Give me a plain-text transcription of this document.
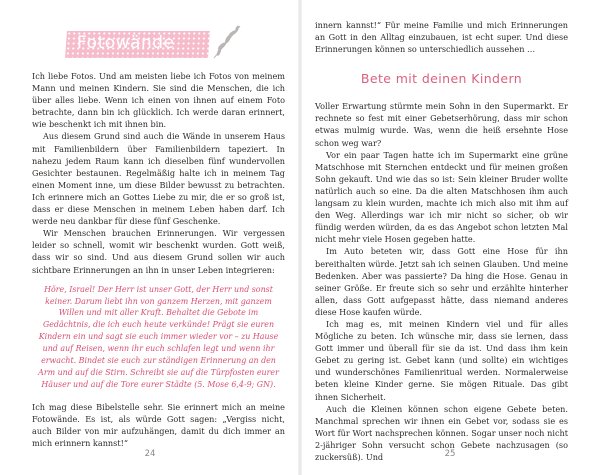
Fotowände

Ich liebe Fotos. Und am meisten liebe ich Fotos von meinem Mann und meinen Kindern. Sie sind die Menschen, die ich über alles liebe. Wenn ich einen von ihnen auf einem Foto betrachte, dann bin ich glücklich. Ich werde daran erinnert, wie beschenkt ich mit ihnen bin.

Aus diesem Grund sind auch die Wände in unserem Haus mit Familienbildern über Familienbildern tapeziert. In nahezu jedem Raum kann ich dieselben fünf wundervollen Gesichter bestaunen. Regelmäßig halte ich in meinem Tag einen Moment inne, um diese Bilder bewusst zu betrachten. Ich erinnere mich an Gottes Liebe zu mir, die er so groß ist, dass er diese Menschen in meinem Leben haben darf. Ich werde neu dankbar für diese fünf Geschenke.

Wir Menschen brauchen Erinnerungen. Wir vergessen leider so schnell, womit wir beschenkt wurden. Gott weiß, dass wir so sind. Und aus diesem Grund sollen wir auch sichtbare Erinnerungen an ihn in unser Leben integrieren:

Höre, Israel! Der Herr ist unser Gott, der Herr und sonst keiner. Darum liebt ihn von ganzem Herzen, mit ganzem Willen und mit aller Kraft. Behaltet die Gebote im Gedächtnis, die ich euch heute verkünde! Prägt sie euren Kindern ein und sagt sie euch immer wieder vor – zu Hause und auf Reisen, wenn ihr euch schlafen legt und wenn ihr erwacht. Bindet sie euch zur ständigen Erinnerung an den Arm und auf die Stirn. Schreibt sie auf die Türpfosten eurer Häuser und auf die Tore eurer Städte (5. Mose 6,4-9; GN).

Ich mag diese Bibelstelle sehr. Sie erinnert mich an meine Fotowände. Es ist, als würde Gott sagen: „Vergiss nicht, auch Bilder von mir aufzuhängen, damit du dich immer an mich erinnern kannst!“

24

innern kannst!“ Für meine Familie und mich Erinnerungen an Gott in den Alltag einzubauen, ist echt super. Und diese Erinnerungen können so unterschiedlich aussehen …

Bete mit deinen Kindern

Voller Erwartung stürmte mein Sohn in den Supermarkt. Er rechnete so fest mit einer Gebetserhörung, dass mir schon etwas mulmig wurde. Was, wenn die heiß ersehnte Hose schon weg war?

Vor ein paar Tagen hatte ich im Supermarkt eine grüne Matschhose mit Sternchen entdeckt und für meinen großen Sohn gekauft. Und wie das so ist: Sein kleiner Bruder wollte natürlich auch so eine. Da die alten Matschhosen ihm auch langsam zu klein wurden, machte ich mich also mit ihm auf den Weg. Allerdings war ich mir nicht so sicher, ob wir fündig werden würden, da es das Angebot schon letzten Mal nicht mehr viele Hosen gegeben hatte.

Im Auto beteten wir, dass Gott eine Hose für ihn bereithalten würde. Jetzt sah ich seinen Glauben. Und meine Bedenken. Aber was passierte? Da hing die Hose. Genau in seiner Größe. Er freute sich so sehr und erzählte hinterher allen, dass Gott aufgepasst hätte, dass niemand anderes diese Hose kaufen würde.

Ich mag es, mit meinen Kindern viel und für alles Mögliche zu beten. Ich wünsche mir, dass sie lernen, dass Gott immer und überall für sie da ist. Und dass ihm kein Gebet zu gering ist. Gebet kann (und sollte) ein wichtiges und wunderschönes Familienritual werden. Normalerweise beten kleine Kinder gerne. Sie mögen Rituale. Das gibt ihnen Sicherheit.

Auch die Kleinen können schon eigene Gebete beten. Manchmal sprechen wir ihnen ein Gebet vor, sodass sie es Wort für Wort nachsprechen können. Sogar unser noch nicht 2-jähriger Sohn versucht schon Gebete nachzusagen (so zuckersüß). Und	25
